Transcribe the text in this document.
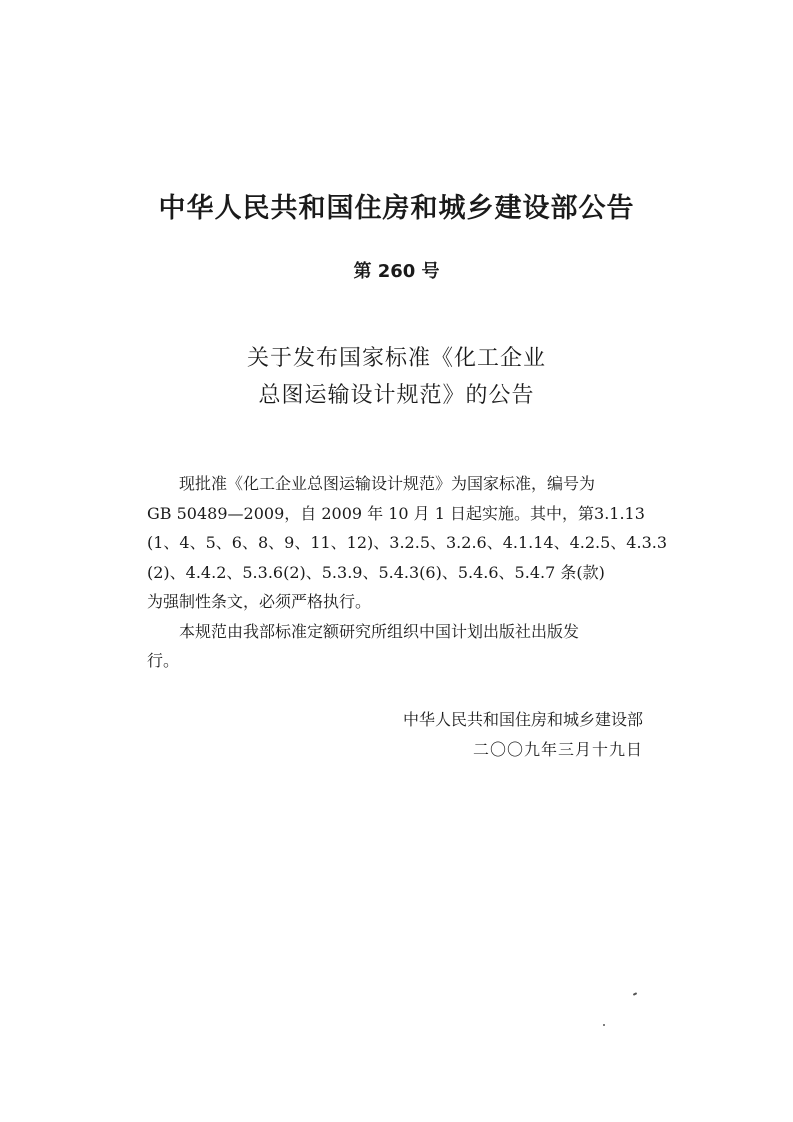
中华人民共和国住房和城乡建设部公告
第 260 号
关于发布国家标准《化工企业
总图运输设计规范》的公告

现批准《化工企业总图运输设计规范》为国家标准，编号为
GB 50489—2009，自 2009 年 10 月 1 日起实施。其中，第3.1.13
(1、4、5、6、8、9、11、12)、3.2.5、3.2.6、4.1.14、4.2.5、4.3.3
(2)、4.4.2、5.3.6(2)、5.3.9、5.4.3(6)、5.4.6、5.4.7 条(款)
为强制性条文，必须严格执行。

本规范由我部标准定额研究所组织中国计划出版社出版发
行。

中华人民共和国住房和城乡建设部
二〇〇九年三月十九日
